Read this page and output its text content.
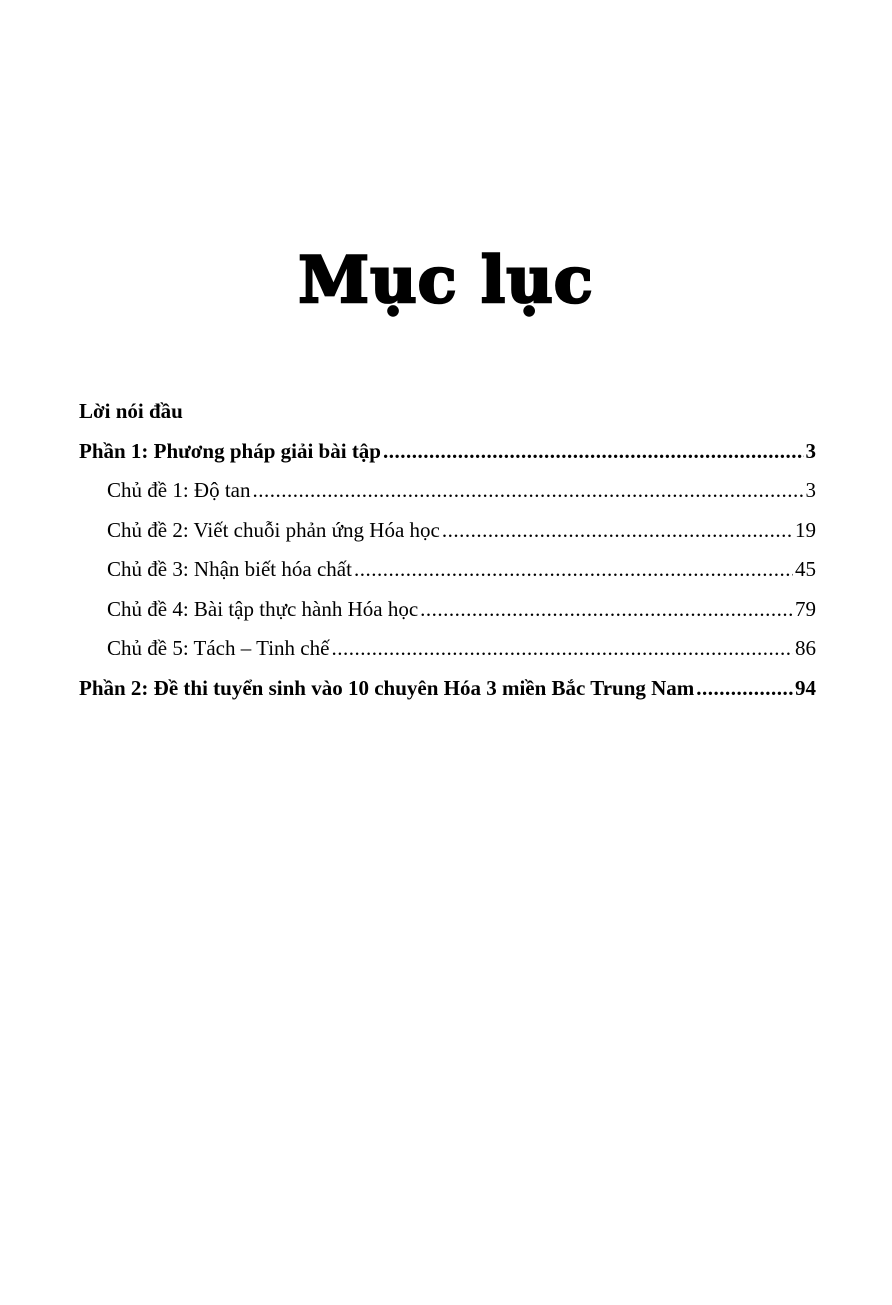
Mục lục
Lời nói đầu
Phần 1: Phương pháp giải bài tập .....	3
Chủ đề 1: Độ tan .....	3
Chủ đề 2: Viết chuỗi phản ứng Hóa học .....	19
Chủ đề 3: Nhận biết hóa chất .....	45
Chủ đề 4: Bài tập thực hành Hóa học .....	79
Chủ đề 5: Tách – Tinh chế .....	86
Phần 2: Đề thi tuyển sinh vào 10 chuyên Hóa 3 miền Bắc Trung Nam .....	94
